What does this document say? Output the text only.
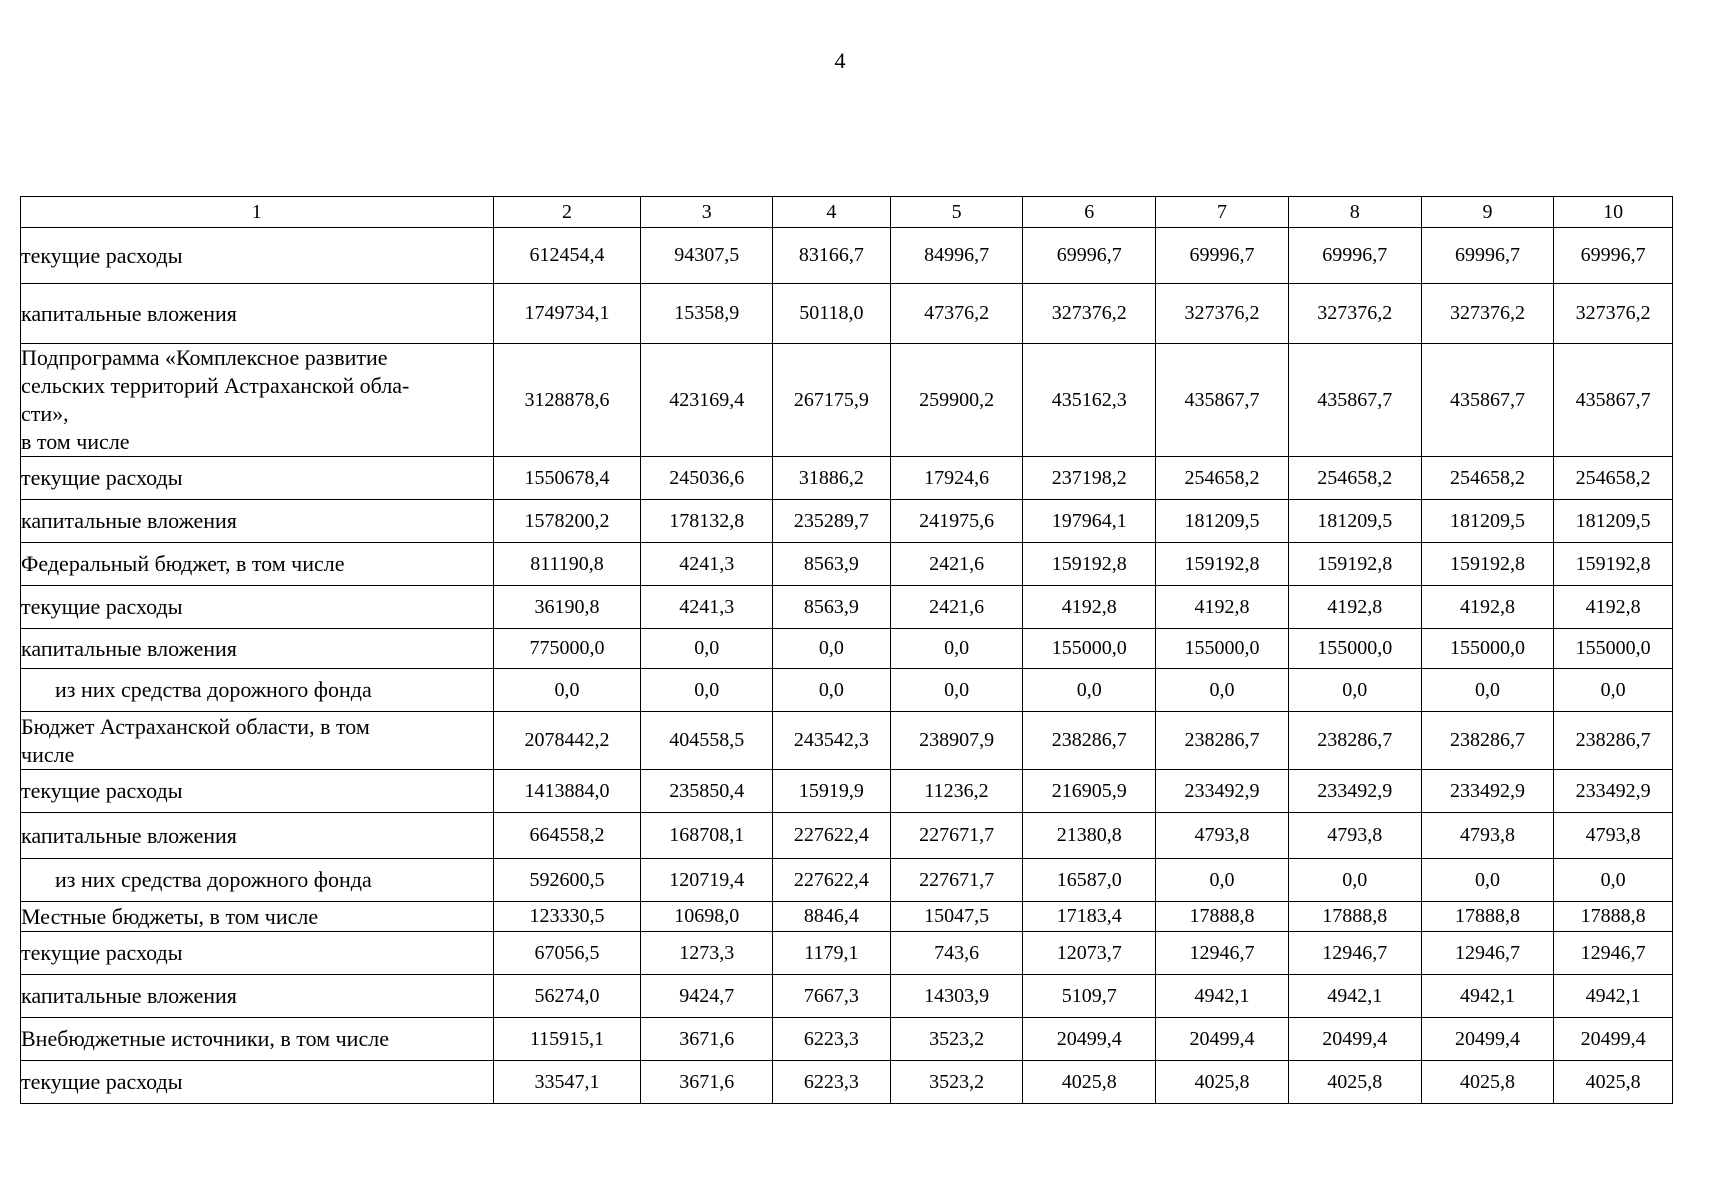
4
1	2	3	4	5	6	7	8	9	10
текущие расходы	612454,4	94307,5	83166,7	84996,7	69996,7	69996,7	69996,7	69996,7	69996,7
капитальные вложения	1749734,1	15358,9	50118,0	47376,2	327376,2	327376,2	327376,2	327376,2	327376,2
Подпрограмма «Комплексное развитие
сельских территорий Астраханской обла-
сти»,
в том числе	3128878,6	423169,4	267175,9	259900,2	435162,3	435867,7	435867,7	435867,7	435867,7
текущие расходы	1550678,4	245036,6	31886,2	17924,6	237198,2	254658,2	254658,2	254658,2	254658,2
капитальные вложения	1578200,2	178132,8	235289,7	241975,6	197964,1	181209,5	181209,5	181209,5	181209,5
Федеральный бюджет, в том числе	811190,8	4241,3	8563,9	2421,6	159192,8	159192,8	159192,8	159192,8	159192,8
текущие расходы	36190,8	4241,3	8563,9	2421,6	4192,8	4192,8	4192,8	4192,8	4192,8
капитальные вложения	775000,0	0,0	0,0	0,0	155000,0	155000,0	155000,0	155000,0	155000,0
из них средства дорожного фонда	0,0	0,0	0,0	0,0	0,0	0,0	0,0	0,0	0,0
Бюджет Астраханской области, в том
числе	2078442,2	404558,5	243542,3	238907,9	238286,7	238286,7	238286,7	238286,7	238286,7
текущие расходы	1413884,0	235850,4	15919,9	11236,2	216905,9	233492,9	233492,9	233492,9	233492,9
капитальные вложения	664558,2	168708,1	227622,4	227671,7	21380,8	4793,8	4793,8	4793,8	4793,8
из них средства дорожного фонда	592600,5	120719,4	227622,4	227671,7	16587,0	0,0	0,0	0,0	0,0
Местные бюджеты, в том числе	123330,5	10698,0	8846,4	15047,5	17183,4	17888,8	17888,8	17888,8	17888,8
текущие расходы	67056,5	1273,3	1179,1	743,6	12073,7	12946,7	12946,7	12946,7	12946,7
капитальные вложения	56274,0	9424,7	7667,3	14303,9	5109,7	4942,1	4942,1	4942,1	4942,1
Внебюджетные источники, в том числе	115915,1	3671,6	6223,3	3523,2	20499,4	20499,4	20499,4	20499,4	20499,4
текущие расходы	33547,1	3671,6	6223,3	3523,2	4025,8	4025,8	4025,8	4025,8	4025,8
